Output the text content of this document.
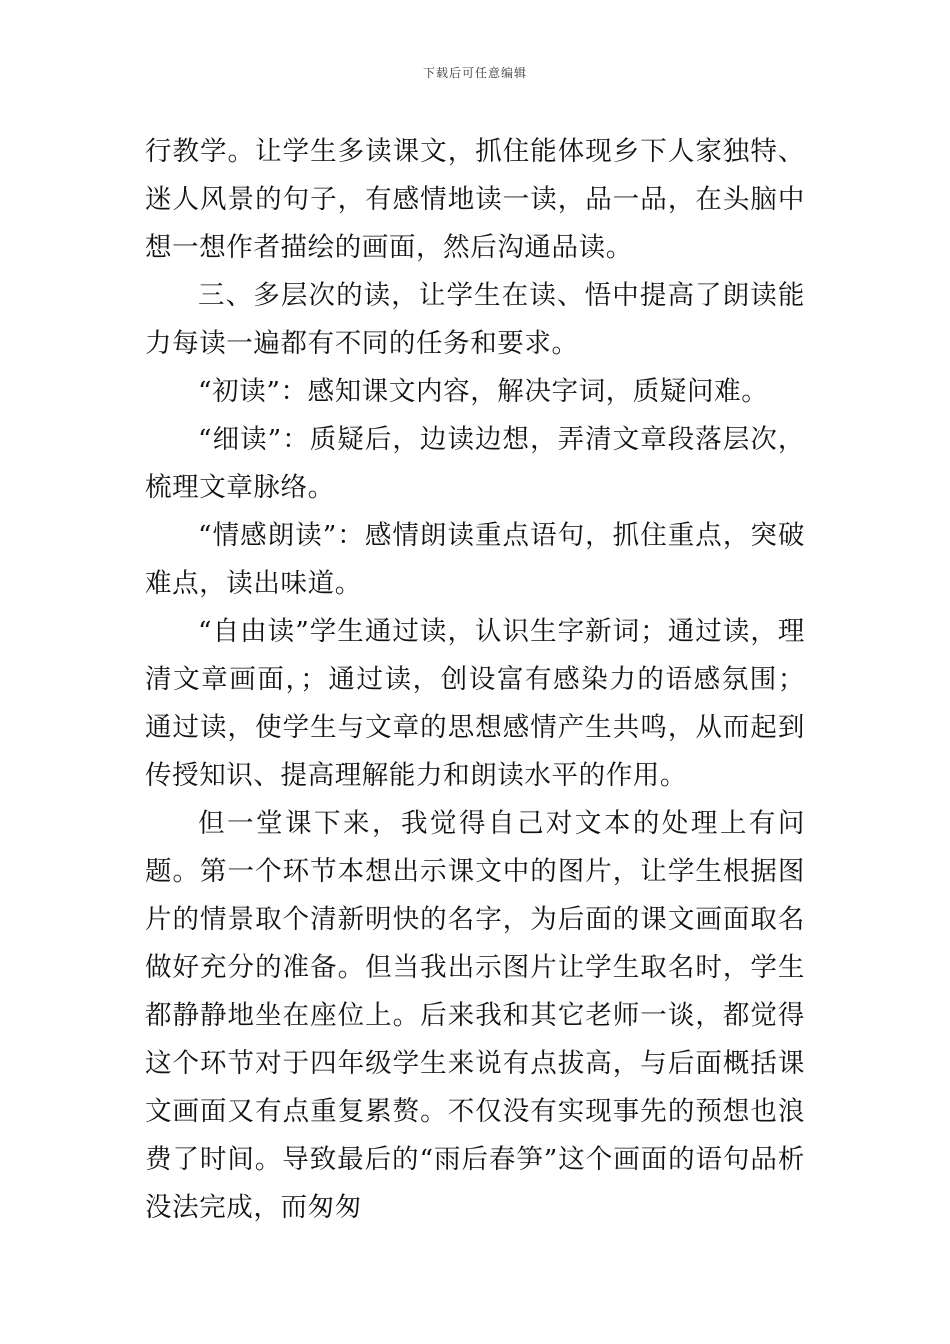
下载后可任意编辑

行教学。让学生多读课文，抓住能体现乡下人家独特、迷人风景的句子，有感情地读一读，品一品，在头脑中想一想作者描绘的画面，然后沟通品读。

三、多层次的读，让学生在读、悟中提高了朗读能力每读一遍都有不同的任务和要求。

“初读”：感知课文内容，解决字词，质疑问难。

“细读”：质疑后，边读边想，弄清文章段落层次，梳理文章脉络。

“情感朗读”：感情朗读重点语句，抓住重点，突破难点，读出味道。

“自由读”学生通过读，认识生字新词；通过读，理清文章画面，；通过读，创设富有感染力的语感氛围；通过读，使学生与文章的思想感情产生共鸣，从而起到传授知识、提高理解能力和朗读水平的作用。

但一堂课下来，我觉得自己对文本的处理上有问题。第一个环节本想出示课文中的图片，让学生根据图片的情景取个清新明快的名字，为后面的课文画面取名做好充分的准备。但当我出示图片让学生取名时，学生都静静地坐在座位上。后来我和其它老师一谈，都觉得这个环节对于四年级学生来说有点拔高，与后面概括课文画面又有点重复累赘。不仅没有实现事先的预想也浪费了时间。导致最后的“雨后春笋”这个画面的语句品析没法完成，而匆匆
